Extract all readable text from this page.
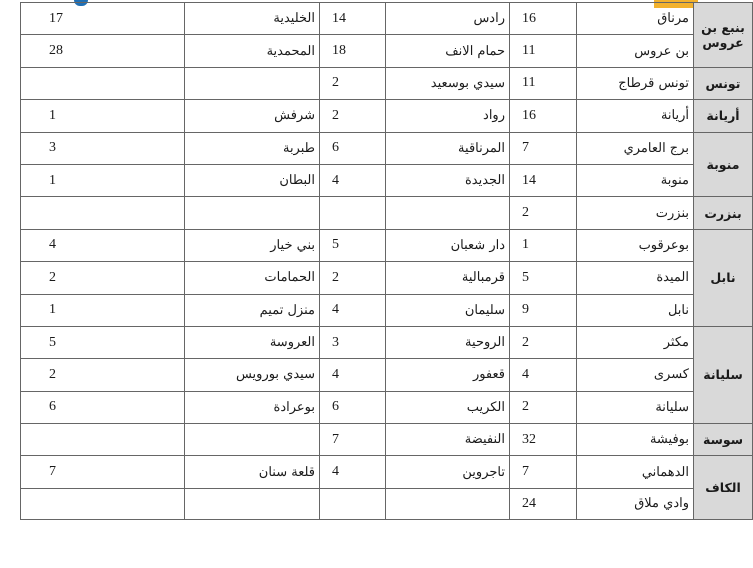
بنبع بن عروس	مرناق	16	رادس	14	الخليدية	17
	بن عروس	11	حمام الانف	18	المحمدية	28
تونس	تونس قرطاج	11	سيدي بوسعيد	2		
أريانة	أريانة	16	رواد	2	شرفش	1
منوبة	برج العامري	7	المرناقية	6	طبربة	3
	منوبة	14	الجديدة	4	البطان	1
بنزرت	بنزرت	2				
نابل	بوعرقوب	1	دار شعبان	5	بني خيار	4
	الميدة	5	قرمبالية	2	الحمامات	2
	نابل	9	سليمان	4	منزل تميم	1
سليانة	مكثر	2	الروحية	3	العروسة	5
	كسرى	4	قعفور	4	سيدي بورويس	2
	سليانة	2	الكريب	6	بوعرادة	6
سوسة	بوفيشة	32	النفيضة	7		
الكاف	الدهماني	7	تاجروين	4	قلعة سنان	7
	وادي ملاق	24				
